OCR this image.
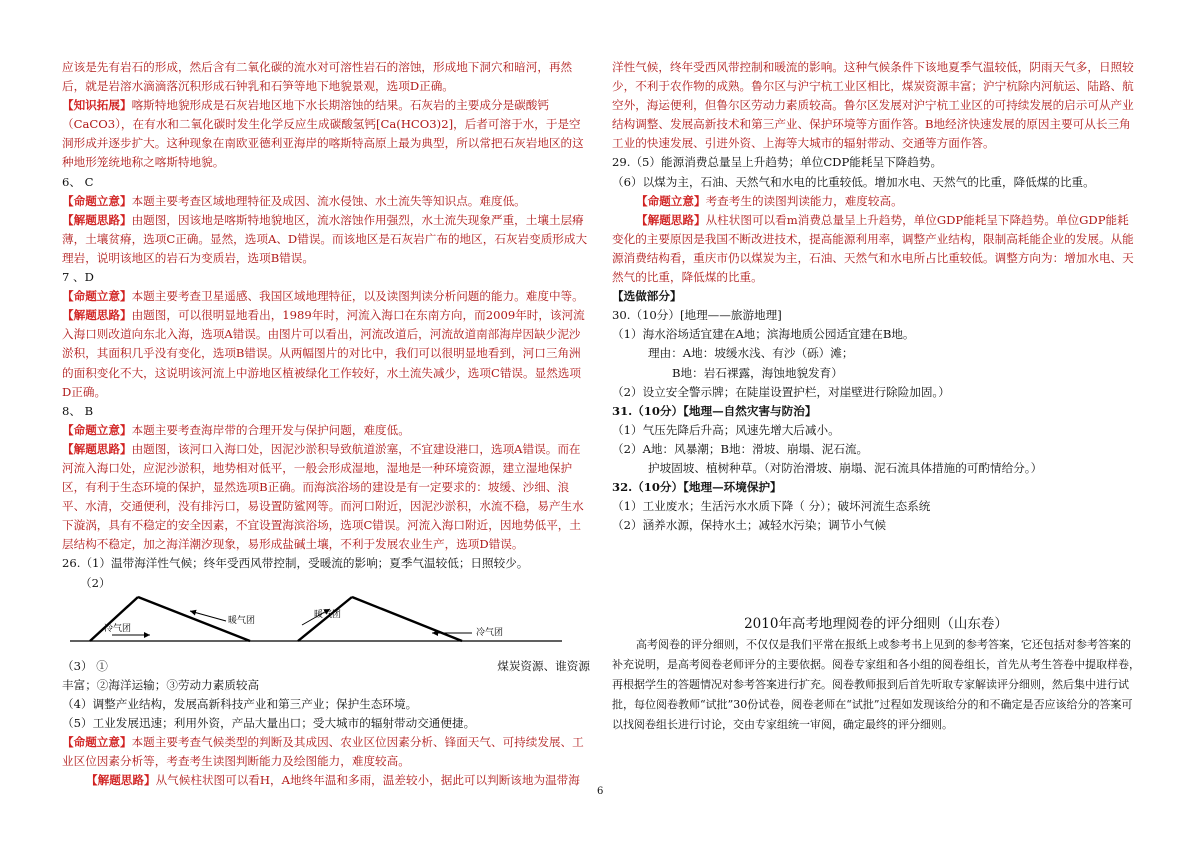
应该是先有岩石的形成，然后含有二氧化碳的流水对可溶性岩石的溶蚀，形成地下洞穴和暗河，再然后，就是岩溶水滴滴落沉积形成石钟乳和石笋等地下地貌景观，选项D正确。

【知识拓展】喀斯特地貌形成是石灰岩地区地下水长期溶蚀的结果。石灰岩的主要成分是碳酸钙（CaCO3），在有水和二氧化碳时发生化学反应生成碳酸氢钙[Ca(HCO3)2]，后者可溶于水，于是空洞形成并逐步扩大。这种现象在南欧亚德利亚海岸的喀斯特高原上最为典型，所以常把石灰岩地区的这种地形笼统地称之喀斯特地貌。

6、 C

【命题立意】本题主要考查区域地理特征及成因、流水侵蚀、水土流失等知识点。难度低。

【解题思路】由题图，因该地是喀斯特地貌地区，流水溶蚀作用强烈，水土流失现象严重，土壤土层瘠薄，土壤贫瘠，选项C正确。显然，选项A、D错误。而该地区是石灰岩广布的地区，石灰岩变质形成大理岩，说明该地区的岩石为变质岩，选项B错误。

7 、D

【命题立意】本题主要考查卫星遥感、我国区域地理特征，以及读图判读分析问题的能力。难度中等。

【解题思路】由题图，可以很明显地看出，1989年时，河流入海口在东南方向，而2009年时，该河流入海口则改道向东北入海，选项A错误。由图片可以看出，河流改道后，河流故道南部海岸因缺少泥沙淤积，其面积几乎没有变化，选项B错误。从两幅图片的对比中，我们可以很明显地看到，河口三角洲的面积变化不大，这说明该河流上中游地区植被绿化工作较好，水土流失减少，选项C错误。显然选项D正确。

8、 B

【命题立意】本题主要考查海岸带的合理开发与保护问题，难度低。

【解题思路】由题图，该河口入海口处，因泥沙淤积导致航道淤塞，不宜建设港口，选项A错误。而在河流入海口处，应泥沙淤积，地势相对低平，一般会形成湿地，湿地是一种环境资源，建立湿地保护区，有利于生态环境的保护，显然选项B正确。而海滨浴场的建设是有一定要求的：坡缓、沙细、浪平、水清，交通便利，没有排污口，易设置防鲨网等。而河口附近，因泥沙淤积，水流不稳，易产生水下漩涡，具有不稳定的安全因素，不宜设置海滨浴场，选项C错误。河流入海口附近，因地势低平，土层结构不稳定，加之海洋潮汐现象，易形成盐碱土壤，不利于发展农业生产，选项D错误。

26.（1）温带海洋性气候；终年受西风带控制，受暖流的影响；夏季气温较低；日照较少。

（2）

暖气团
冷气团
暖气团
冷气团

（3） ①	煤炭资源、谁资源

丰富；②海洋运输；③劳动力素质较高

（4）调整产业结构，发展高新科技产业和第三产业；保护生态环境。

（5）工业发展迅速；利用外资，产品大量出口；受大城市的辐射带动交通便捷。

【命题立意】本题主要考查气候类型的判断及其成因、农业区位因素分析、锋面天气、可持续发展、工业区位因素分析等，考查考生读图判断能力及绘图能力，难度较高。

【解题思路】从气候柱状图可以看H，A地终年温和多雨，温差较小，据此可以判断该地为温带海

洋性气候，终年受西风带控制和暖流的影响。这种气候条件下该地夏季气温较低，阴雨天气多，日照较少，不利于农作物的成熟。鲁尔区与沪宁杭工业区相比，煤炭资源丰富；沪宁杭除内河航运、陆路、航空外，海运便利，但鲁尔区劳动力素质较高。鲁尔区发展对沪宁杭工业区的可持续发展的启示可从产业结构调整、发展高新技术和第三产业、保护环境等方面作答。B地经济快速发展的原因主要可从长三角工业的快速发展、引进外资、上海等大城市的辐射带动、交通等方面作答。

29.（5）能源消费总量呈上升趋势；单位CDP能耗呈下降趋势。

（6）以煤为主，石油、天然气和水电的比重较低。增加水电、天然气的比重，降低煤的比重。

【命题立意】考查考生的读图判读能力，难度较高。

【解题思路】从柱状图可以看m消费总量呈上升趋势，单位GDP能耗呈下降趋势。单位GDP能耗变化的主要原因是我国不断改进技术，提高能源利用率，调整产业结构，限制高耗能企业的发展。从能源消费结构看，重庆市仍以煤炭为主，石油、天然气和水电所占比重较低。调整方向为：增加水电、天然气的比重，降低煤的比重。

【选做部分】

30.（10分）[地理——旅游地理]

（1）海水浴场适宜建在A地；滨海地质公园适宜建在B地。

理由：A地：坡缓水浅、有沙（砾）滩；

B地：岩石裸露，海蚀地貌发育）

（2）设立安全警示牌；在陡崖设置护栏，对崖壁进行除险加固。）

31.（10分）【地理—自然灾害与防治】

（1）气压先降后升高；风速先增大后减小。

（2）A地：风暴潮；B地：滑坡、崩塌、泥石流。

护坡固坡、植树种草。（对防治滑坡、崩塌、泥石流具体措施的可酌情给分。）

32.（10分）【地理—环境保护】

（1）工业废水；生活污水水质下降（ 分）；破坏河流生态系统

（2）涵养水源，保持水土；减轻水污染；调节小气候

2010年高考地理阅卷的评分细则（山东卷）

高考阅卷的评分细则，不仅仅是我们平常在报纸上或参考书上见到的参考答案，它还包括对参考答案的补充说明，是高考阅卷老师评分的主要依据。阅卷专家组和各小组的阅卷组长，首先从考生答卷中提取样卷，再根据学生的答题情况对参考答案进行扩充。阅卷教师报到后首先听取专家解读评分细则，然后集中进行试批，每位阅卷教师“试批”30份试卷，阅卷老师在“试批”过程如发现该给分的和不确定是否应该给分的答案可以找阅卷组长进行讨论，交由专家组统一审阅，确定最终的评分细则。

6
